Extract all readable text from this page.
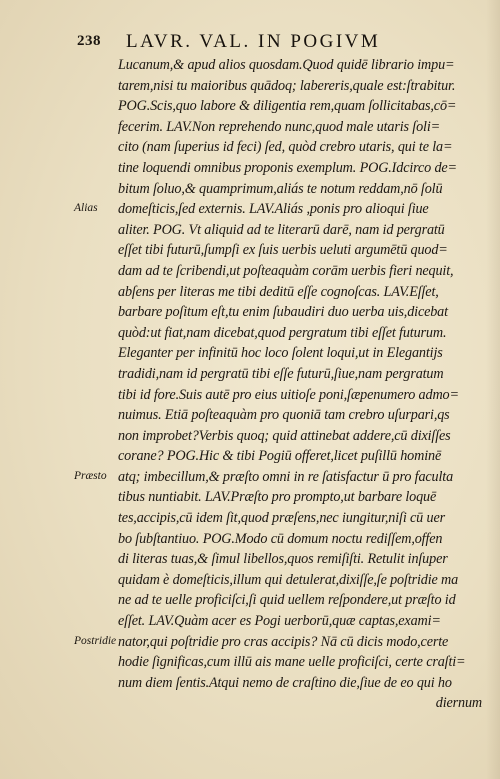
238 LAVR. VAL. IN POGIVM
Alias
Præsto
Postridie
Lucanum,& apud alios quosdam.Quod quidē librario impu=
tarem,nisi tu maioribus quādoq; labereris,quale est:ſtrabitur.
POG.Scis,quo labore & diligentia rem,quam ſollicitabas,cō=
fecerim. LAV.Non reprehendo nunc,quod male utaris ſoli=
cito (nam ſuperius id feci) ſed, quòd crebro utaris, qui te la=
tine loquendi omnibus proponis exemplum. POG.Idcirco de=
bitum ſoluo,& quamprimum,aliás te notum reddam,nō ſolū
domeſticis,ſed externis. LAV.Aliás ,ponis pro alioqui ſiue
aliter. POG. Vt aliquid ad te literarū darē, nam id pergratū
eſſet tibi futurū,ſumpſi ex ſuis uerbis ueluti argumētū quod=
dam ad te ſcribendi,ut poſteaquàm corām uerbis fieri nequit,
abſens per literas me tibi deditū eſſe cognoſcas. LAV.Eſſet,
barbare poſitum eſt,tu enim ſubaudiri duo uerba uis,dicebat
quòd:ut fiat,nam dicebat,quod pergratum tibi eſſet futurum.
Eleganter per infinitū hoc loco ſolent loqui,ut in Elegantijs
tradidi,nam id pergratū tibi eſſe futurū,ſiue,nam pergratum
tibi id fore.Suis autē pro eius uitioſe poni,ſæpenumero admo=
nuimus. Etiā poſteaquàm pro quoniā tam crebro uſurpari,qs
non improbet?Verbis quoq; quid attinebat addere,cū dixiſſes
corane? POG.Hic & tibi Pogiū offeret,licet puſillū hominē
atq; imbecillum,& præſto omni in re ſatisfactur ū pro faculta
tibus nuntiabit. LAV.Præſto pro prompto,ut barbare loquē
tes,accipis,cū idem ſit,quod præſens,nec iungitur,niſi cū uer
bo ſubſtantiuo. POG.Modo cū domum noctu rediſſem,offen
di literas tuas,& ſimul libellos,quos remiſiſti. Retulit inſuper
quidam è domeſticis,illum qui detulerat,dixiſſe,ſe poſtridie ma
ne ad te uelle proficiſci,ſi quid uellem reſpondere,ut præſto id
eſſet. LAV.Quàm acer es Pogi uerborū,quæ captas,exami=
nator,qui poſtridie pro cras accipis? Nā cū dicis modo,certe
hodie ſignificas,cum illū ais mane uelle proficiſci, certe craſti=
num diem ſentis.Atqui nemo de craſtino die,ſiue de eo qui ho
diernum
